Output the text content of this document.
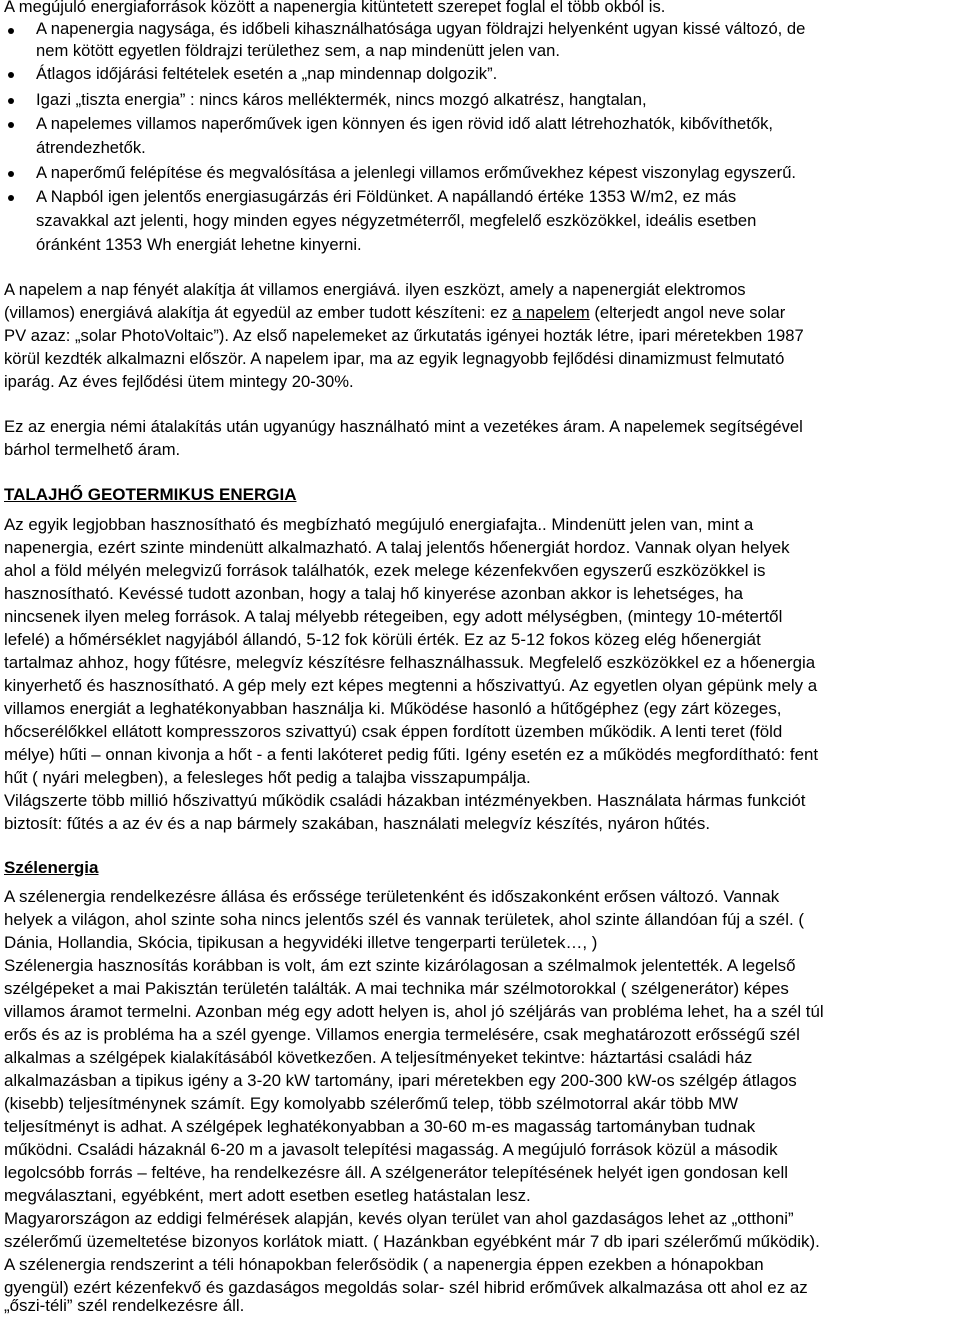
A megújuló energiaforrások között a napenergia kitüntetett szerepet foglal el több okból is.
A napenergia nagysága, és időbeli kihasználhatósága ugyan földrajzi helyenként ugyan kissé változó, de
nem kötött egyetlen földrajzi területhez sem, a nap mindenütt jelen van.
Átlagos időjárási feltételek esetén a „nap mindennap dolgozik”.
Igazi „tiszta energia” : nincs káros melléktermék, nincs mozgó alkatrész, hangtalan,
A napelemes villamos naperőművek igen könnyen és igen rövid idő alatt létrehozhatók, kibővíthetők,
átrendezhetők.
A naperőmű felépítése és megvalósítása a jelenlegi villamos erőművekhez képest viszonylag egyszerű.
A Napból igen jelentős energiasugárzás éri Földünket. A napállandó értéke 1353 W/m2, ez más
szavakkal azt jelenti, hogy minden egyes négyzetméterről, megfelelő eszközökkel, ideális esetben
óránként 1353 Wh energiát lehetne kinyerni.
A napelem a nap fényét alakítja át villamos energiává. ilyen eszközt, amely a napenergiát elektromos
(villamos) energiává alakítja át egyedül az ember tudott készíteni: ez a napelem (elterjedt angol neve solar
PV azaz: „solar PhotoVoltaic”). Az első napelemeket az űrkutatás igényei hozták létre, ipari méretekben 1987
körül kezdték alkalmazni először. A napelem ipar, ma az egyik legnagyobb fejlődési dinamizmust felmutató
iparág. Az éves fejlődési ütem mintegy 20-30%.
Ez az energia némi átalakítás után ugyanúgy használható mint a vezetékes áram. A napelemek segítségével
bárhol termelhető áram.
TALAJHŐ GEOTERMIKUS ENERGIA
Az egyik legjobban hasznosítható és megbízható megújuló energiafajta.. Mindenütt jelen van, mint a
napenergia, ezért szinte mindenütt alkalmazható. A talaj jelentős hőenergiát hordoz. Vannak olyan helyek
ahol a föld mélyén melegvizű források találhatók, ezek melege kézenfekvően egyszerű eszközökkel is
hasznosítható. Kevéssé tudott azonban, hogy a talaj hő kinyerése azonban akkor is lehetséges, ha
nincsenek ilyen meleg források. A talaj mélyebb rétegeiben, egy adott mélységben, (mintegy 10-métertől
lefelé) a hőmérséklet nagyjából állandó, 5-12 fok körüli érték. Ez az 5-12 fokos közeg elég hőenergiát
tartalmaz ahhoz, hogy fűtésre, melegvíz készítésre felhasználhassuk. Megfelelő eszközökkel ez a hőenergia
kinyerhető és hasznosítható. A gép mely ezt képes megtenni a hőszivattyú. Az egyetlen olyan gépünk mely a
villamos energiát a leghatékonyabban használja ki. Működése hasonló a hűtőgéphez (egy zárt közeges,
hőcserélőkkel ellátott kompresszoros szivattyú) csak éppen fordított üzemben működik. A lenti teret (föld
mélye) hűti – onnan kivonja a hőt - a fenti lakóteret pedig fűti. Igény esetén ez a működés megfordítható: fent
hűt ( nyári melegben), a felesleges hőt pedig a talajba visszapumpálja.
Világszerte több millió hőszivattyú működik családi házakban intézményekben. Használata hármas funkciót
biztosít: fűtés a az év és a nap bármely szakában, használati melegvíz készítés, nyáron hűtés.
Szélenergia
A szélenergia rendelkezésre állása és erőssége területenként és időszakonként erősen változó. Vannak
helyek a világon, ahol szinte soha nincs jelentős szél és vannak területek, ahol szinte állandóan fúj a szél. (
Dánia, Hollandia, Skócia, tipikusan a hegyvidéki illetve tengerparti területek…, )
Szélenergia hasznosítás korábban is volt, ám ezt szinte kizárólagosan a szélmalmok jelentették. A legelső
szélgépeket a mai Pakisztán területén találták. A mai technika már szélmotorokkal ( szélgenerátor) képes
villamos áramot termelni. Azonban még egy adott helyen is, ahol jó széljárás van probléma lehet, ha a szél túl
erős és az is probléma ha a szél gyenge. Villamos energia termelésére, csak meghatározott erősségű szél
alkalmas a szélgépek kialakításából következően. A teljesítményeket tekintve: háztartási családi ház
alkalmazásban a tipikus igény a 3-20 kW tartomány, ipari méretekben egy 200-300 kW-os szélgép átlagos
(kisebb) teljesítménynek számít. Egy komolyabb szélerőmű telep, több szélmotorral akár több MW
teljesítményt is adhat. A szélgépek leghatékonyabban a 30-60 m-es magasság tartományban tudnak
működni. Családi házaknál 6-20 m a javasolt telepítési magasság. A megújuló források közül a második
legolcsóbb forrás – feltéve, ha rendelkezésre áll. A szélgenerátor telepítésének helyét igen gondosan kell
megválasztani, egyébként, mert adott esetben esetleg hatástalan lesz.
Magyarországon az eddigi felmérések alapján, kevés olyan terület van ahol gazdaságos lehet az „otthoni”
szélerőmű üzemeltetése bizonyos korlátok miatt. ( Hazánkban egyébként már 7 db ipari szélerőmű működik).
A szélenergia rendszerint a téli hónapokban felerősödik ( a napenergia éppen ezekben a hónapokban
gyengül) ezért kézenfekvő és gazdaságos megoldás solar- szél hibrid erőművek alkalmazása ott ahol ez az
„őszi-téli” szél rendelkezésre áll.
